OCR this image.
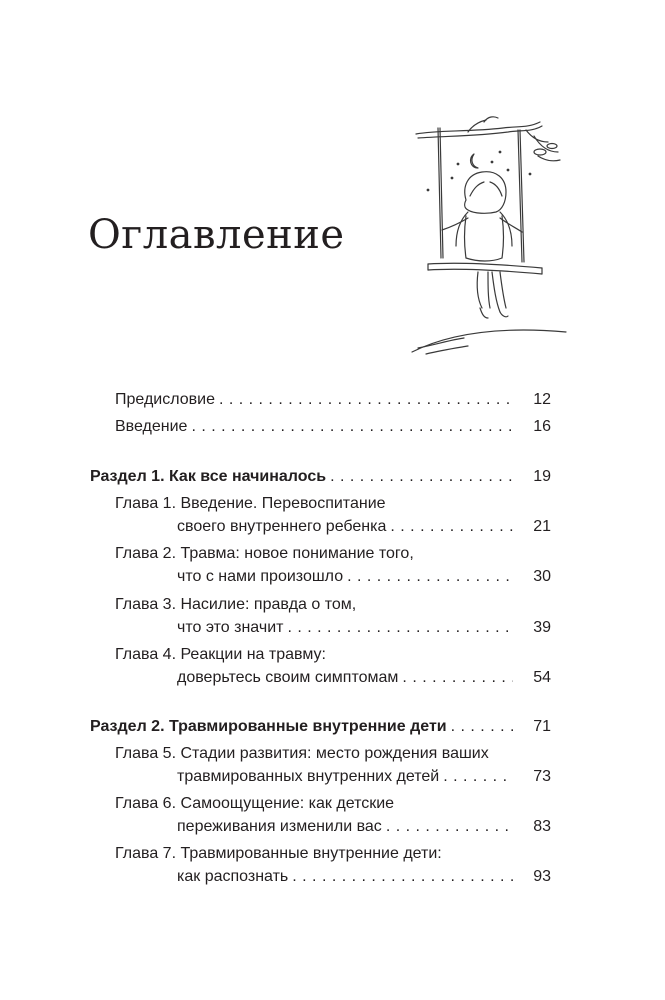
Оглавление
Предисловие . . .	12
Введение . . .	16
Раздел 1. Как все начиналось . . .	19
Глава 1. Введение. Перевоспитание
своего внутреннего ребенка . . .	21
Глава 2. Травма: новое понимание того,
что с нами произошло . . .	30
Глава 3. Насилие: правда о том,
что это значит . . .	39
Глава 4. Реакции на травму:
доверьтесь своим симптомам . . .	54
Раздел 2. Травмированные внутренние дети . . .	71
Глава 5. Стадии развития: место рождения ваших
травмированных внутренних детей . . .	73
Глава 6. Самоощущение: как детские
переживания изменили вас . . .	83
Глава 7. Травмированные внутренние дети:
как распознать . . .	93
